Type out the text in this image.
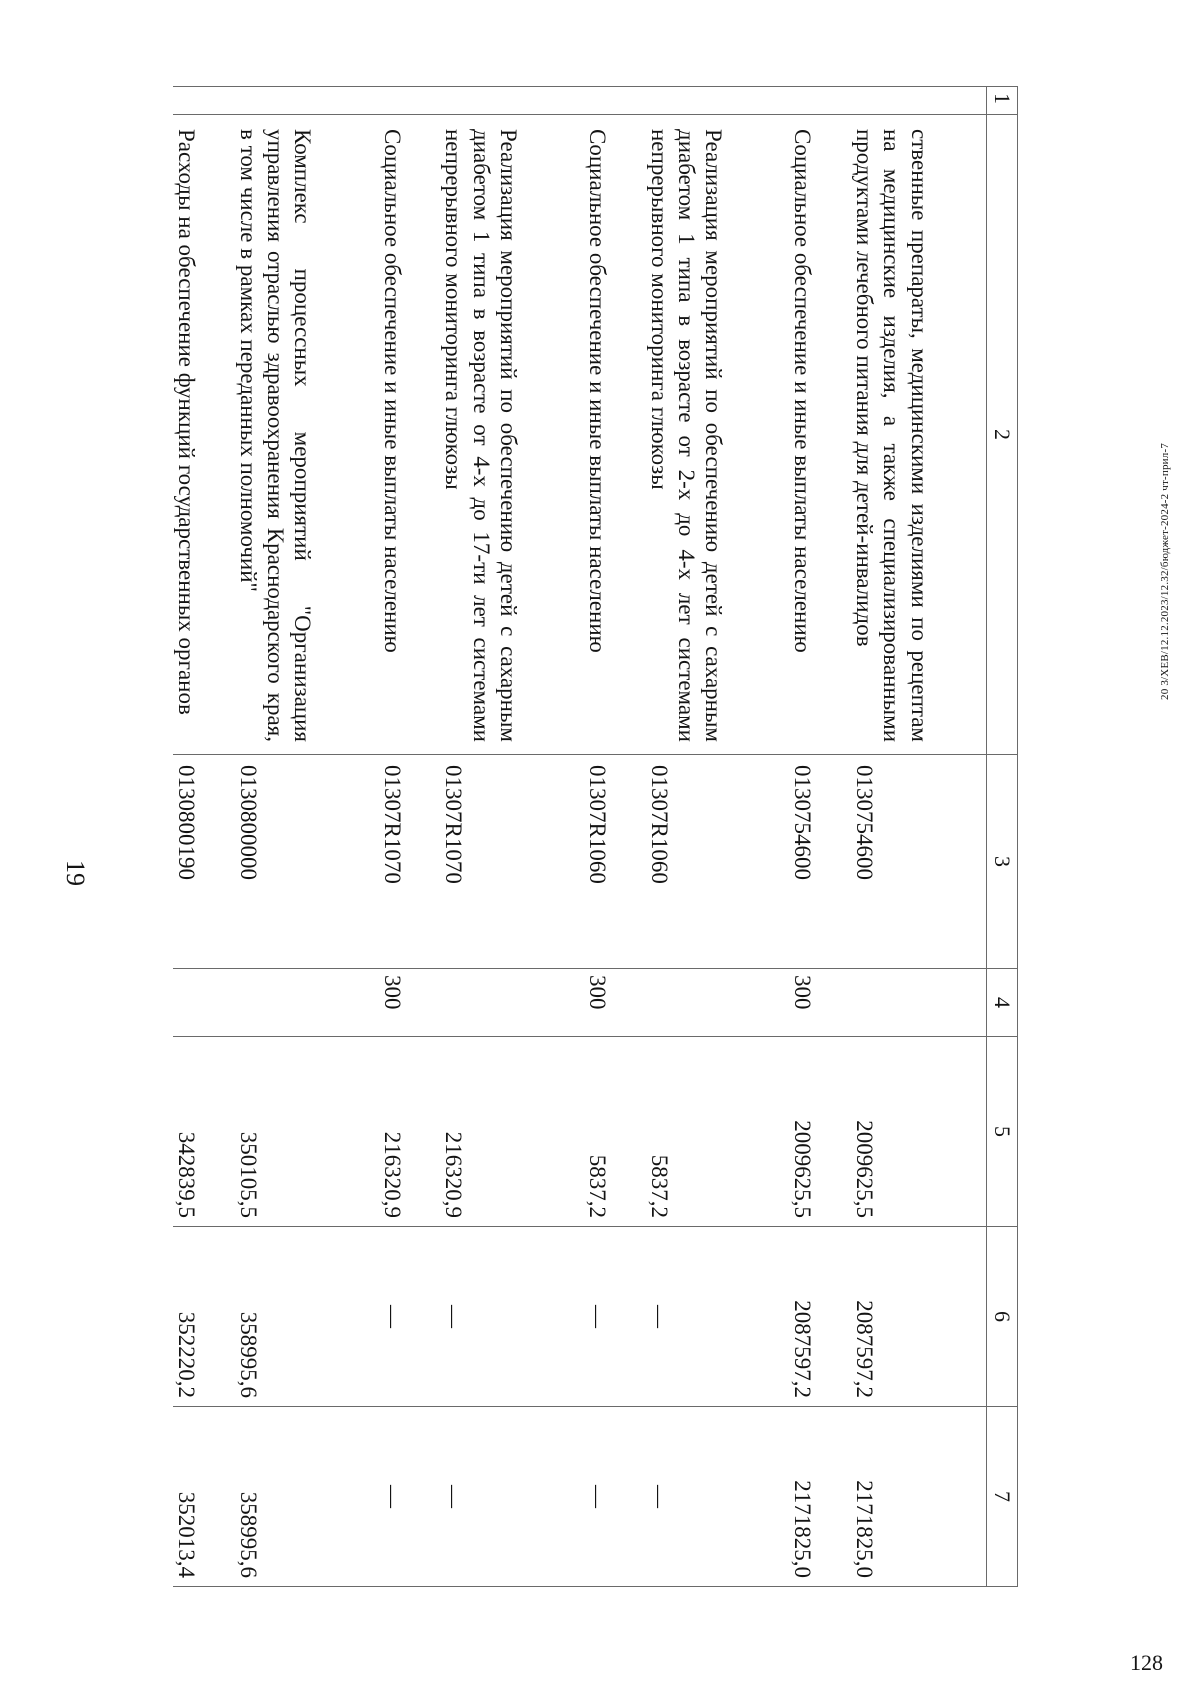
19
1	2	3	4	5	6	7
	ственные препараты, медицинскими изделиями по рецептам на медицинские изделия, а также специализированными продуктами лечебного питания для детей-инвалидов	0130754600		2009625,5	2087597,2	2171825,0
	Социальное обеспечение и иные выплаты населению	0130754600	300	2009625,5	2087597,2	2171825,0
	Реализация мероприятий по обеспечению детей с сахарным диабетом 1 типа в возрасте от 2-х до 4-х лет системами непрерывного мониторинга глюкозы	01307R1060		5837,2	—	—
	Социальное обеспечение и иные выплаты населению	01307R1060	300	5837,2	—	—
	Реализация мероприятий по обеспечению детей с сахарным диабетом 1 типа в возрасте от 4-х до 17-ти лет системами непрерывного мониторинга глюкозы	01307R1070		216320,9	—	—
	Социальное обеспечение и иные выплаты населению	01307R1070	300	216320,9	—	—
	Комплекс процессных мероприятий "Организация управления отраслью здравоохранения Краснодарского края, в том числе в рамках переданных полномочий"	0130800000		350105,5	358995,6	358995,6
	Расходы на обеспечение функций государственных органов	0130800190		342839,5	352220,2	352013,4
20 3/XEB/12.12.2023/12.32/бюджет-2024-2 чт-прил-7
128
